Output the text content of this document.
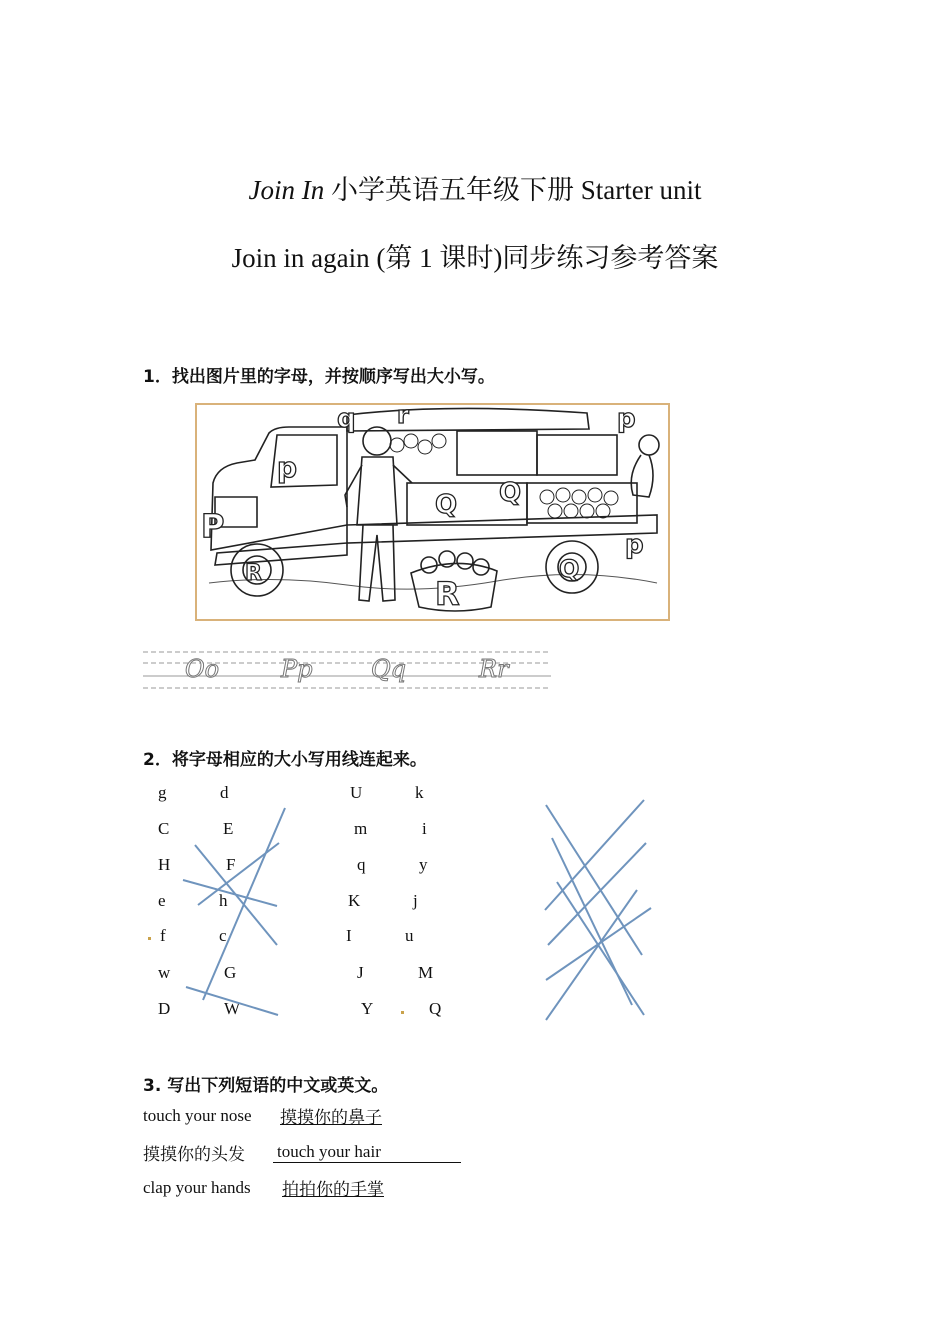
Join In 小学英语五年级下册 Starter unit
Join in again (第 1 课时)同步练习参考答案
1．找出图片里的字母，并按顺序写出大小写。
q r	p
p
P
R
R
Q Q
Q
p
Oo	Pp Qq	Rr
2．将字母相应的大小写用线连起来。
g	d
C	E
H	F
e	h
f	c
w	G
D	W
U	k
m	i
q	y
K	j
I	u
J	M
Y	Q
3. 写出下列短语的中文或英文。
touch your nose 摸摸你的鼻子
摸摸你的头发 touch your hair
clap your hands	拍拍你的手掌
